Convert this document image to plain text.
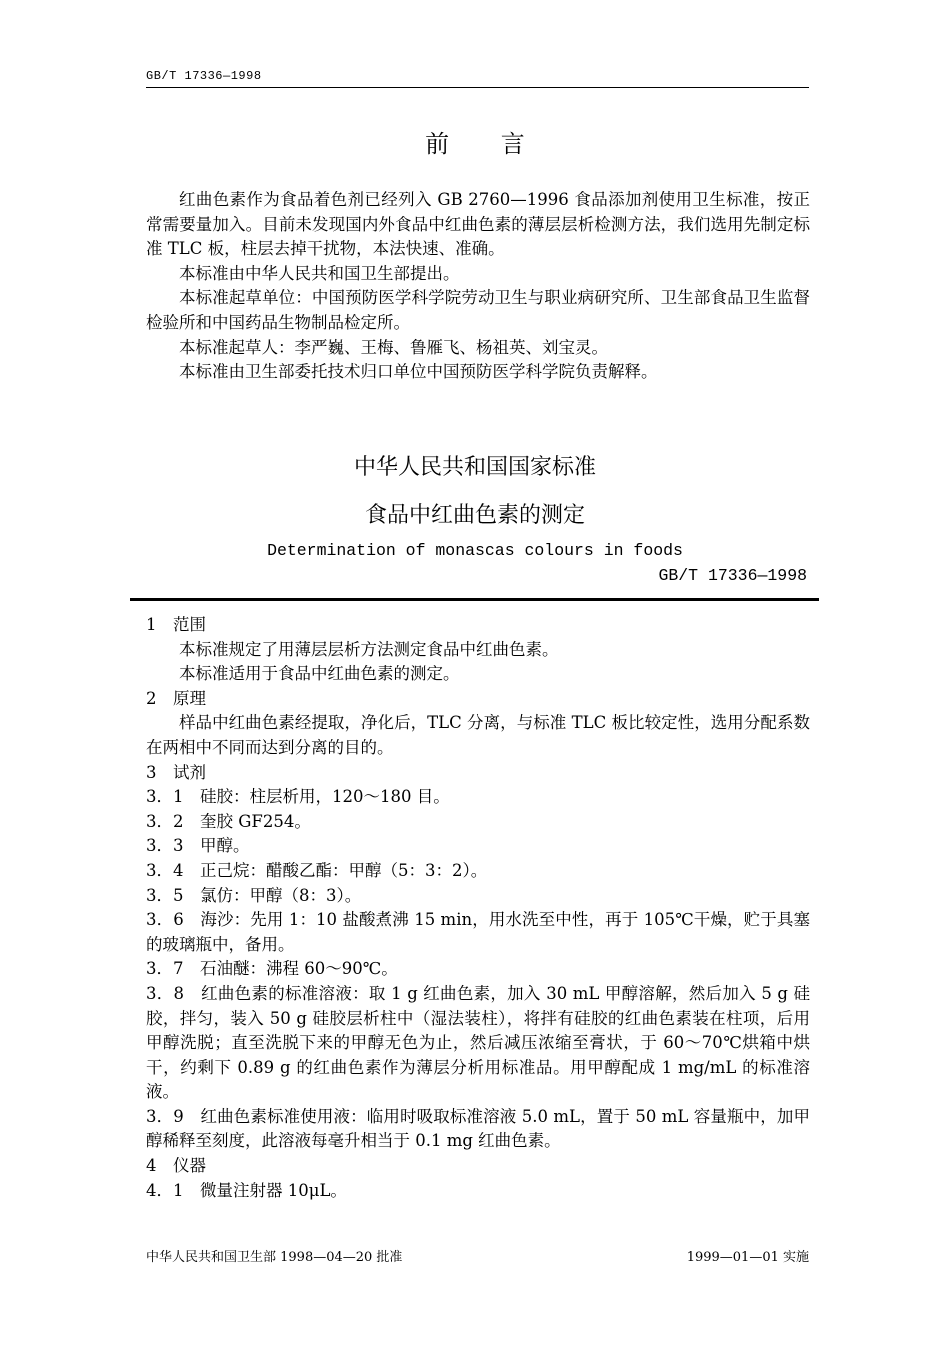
GB/T 17336—1998
前 言

红曲色素作为食品着色剂已经列入 GB 2760—1996 食品添加剂使用卫生标准，按正常需要量加入。目前未发现国内外食品中红曲色素的薄层层析检测方法，我们选用先制定标准 TLC 板，柱层去掉干扰物，本法快速、准确。

本标准由中华人民共和国卫生部提出。

本标准起草单位：中国预防医学科学院劳动卫生与职业病研究所、卫生部食品卫生监督检验所和中国药品生物制品检定所。

本标准起草人：李严巍、王梅、鲁雁飞、杨祖英、刘宝灵。

本标准由卫生部委托技术归口单位中国预防医学科学院负责解释。

中华人民共和国国家标准
食品中红曲色素的测定
Determination of monascas colours in foods
GB/T 17336—1998

1　范围

本标准规定了用薄层层析方法测定食品中红曲色素。

本标准适用于食品中红曲色素的测定。

2　原理

样品中红曲色素经提取，净化后，TLC 分离，与标准 TLC 板比较定性，选用分配系数在两相中不同而达到分离的目的。

3　试剂

3．1　硅胶：柱层析用，120～180 目。

3．2　奎胶 GF254。

3．3　甲醇。

3．4　正己烷：醋酸乙酯：甲醇（5：3：2）。

3．5　氯仿：甲醇（8：3）。

3．6　海沙：先用 1：10 盐酸煮沸 15 min，用水洗至中性，再于 105℃干燥，贮于具塞的玻璃瓶中，备用。

3．7　石油醚：沸程 60～90℃。

3．8　红曲色素的标准溶液：取 1 g 红曲色素，加入 30 mL 甲醇溶解，然后加入 5 g 硅胶，拌匀，装入 50 g 硅胶层析柱中（湿法装柱），将拌有硅胶的红曲色素装在柱项，后用甲醇洗脱；直至洗脱下来的甲醇无色为止，然后减压浓缩至膏状，于 60～70℃烘箱中烘干，约剩下 0.89 g 的红曲色素作为薄层分析用标准品。用甲醇配成 1 mg/mL 的标准溶液。

3．9　红曲色素标准使用液：临用时吸取标准溶液 5.0 mL，置于 50 mL 容量瓶中，加甲醇稀释至刻度，此溶液每毫升相当于 0.1 mg 红曲色素。

4　仪器

4．1　微量注射器 10μL。

中华人民共和国卫生部 1998—04—20 批准	1999—01—01 实施
